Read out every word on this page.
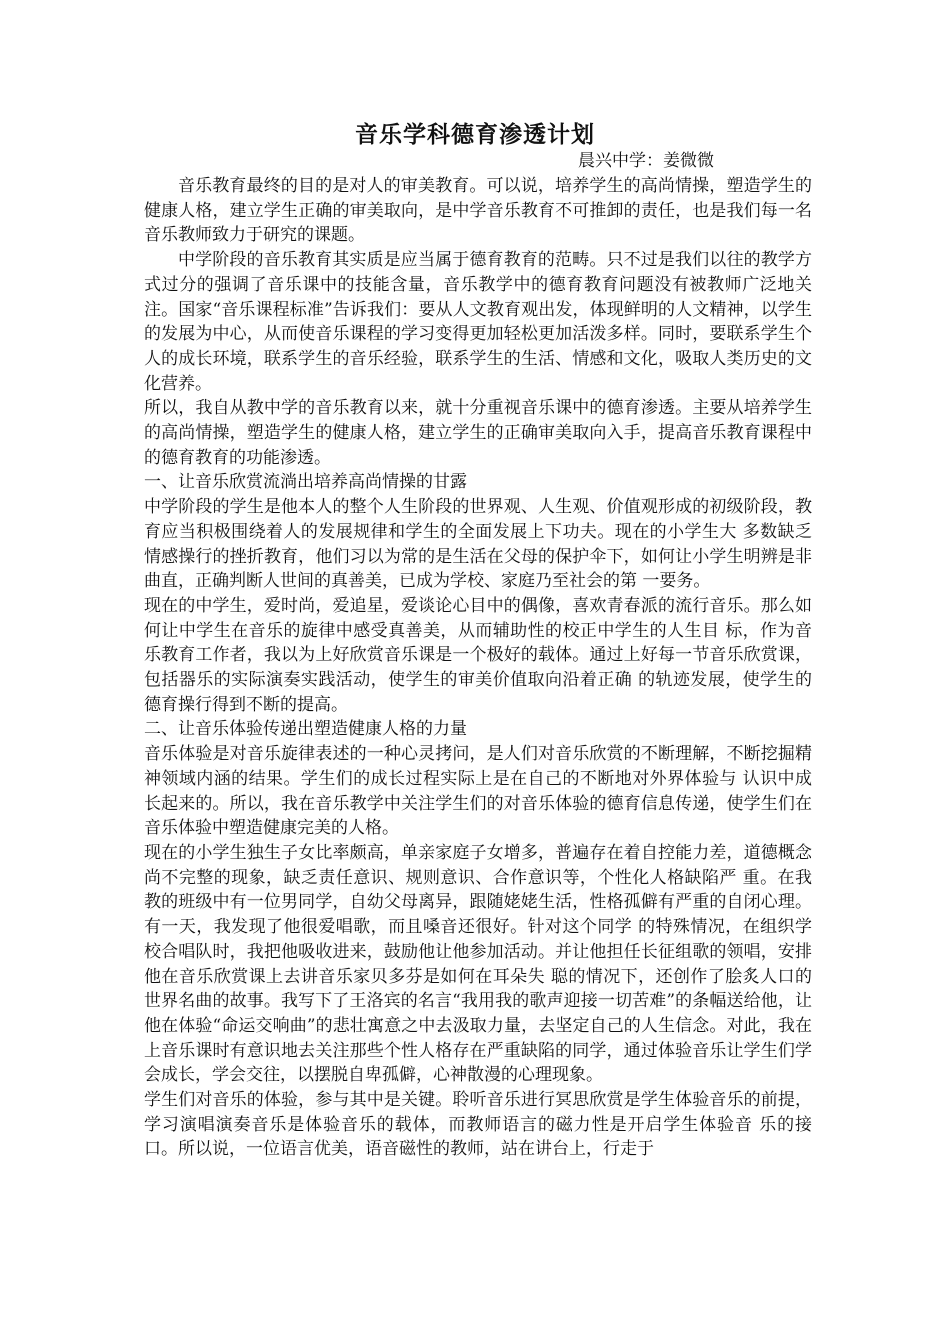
音乐学科德育渗透计划
晨兴中学：姜微微

音乐教育最终的目的是对人的审美教育。可以说，培养学生的高尚情操，塑造学生的健康人格，建立学生正确的审美取向，是中学音乐教育不可推卸的责任，也是我们每一名音乐教师致力于研究的课题。

中学阶段的音乐教育其实质是应当属于德育教育的范畴。只不过是我们以往的教学方式过分的强调了音乐课中的技能含量，音乐教学中的德育教育问题没有被教师广泛地关注。国家“音乐课程标准”告诉我们：要从人文教育观出发，体现鲜明的人文精神，以学生的发展为中心，从而使音乐课程的学习变得更加轻松更加活泼多样。同时，要联系学生个人的成长环境，联系学生的音乐经验，联系学生的生活、情感和文化，吸取人类历史的文化营养。

所以，我自从教中学的音乐教育以来，就十分重视音乐课中的德育渗透。主要从培养学生的高尚情操，塑造学生的健康人格，建立学生的正确审美取向入手，提高音乐教育课程中的德育教育的功能渗透。

一、让音乐欣赏流淌出培养高尚情操的甘露

中学阶段的学生是他本人的整个人生阶段的世界观、人生观、价值观形成的初级阶段，教育应当积极围绕着人的发展规律和学生的全面发展上下功夫。现在的小学生大 多数缺乏情感操行的挫折教育，他们习以为常的是生活在父母的保护伞下，如何让小学生明辨是非曲直，正确判断人世间的真善美，已成为学校、家庭乃至社会的第 一要务。

现在的中学生，爱时尚，爱追星，爱谈论心目中的偶像，喜欢青春派的流行音乐。那么如何让中学生在音乐的旋律中感受真善美，从而辅助性的校正中学生的人生目 标，作为音乐教育工作者，我以为上好欣赏音乐课是一个极好的载体。通过上好每一节音乐欣赏课，包括器乐的实际演奏实践活动，使学生的审美价值取向沿着正确 的轨迹发展，使学生的德育操行得到不断的提高。

二、让音乐体验传递出塑造健康人格的力量

音乐体验是对音乐旋律表述的一种心灵拷问，是人们对音乐欣赏的不断理解，不断挖掘精神领域内涵的结果。学生们的成长过程实际上是在自己的不断地对外界体验与 认识中成长起来的。所以，我在音乐教学中关注学生们的对音乐体验的德育信息传递，使学生们在音乐体验中塑造健康完美的人格。

现在的小学生独生子女比率颇高，单亲家庭子女增多，普遍存在着自控能力差，道德概念尚不完整的现象，缺乏责任意识、规则意识、合作意识等，个性化人格缺陷严 重。在我教的班级中有一位男同学，自幼父母离异，跟随姥姥生活，性格孤僻有严重的自闭心理。有一天，我发现了他很爱唱歌，而且嗓音还很好。针对这个同学 的特殊情况，在组织学校合唱队时，我把他吸收进来，鼓励他让他参加活动。并让他担任长征组歌的领唱，安排他在音乐欣赏课上去讲音乐家贝多芬是如何在耳朵失 聪的情况下，还创作了脍炙人口的世界名曲的故事。我写下了王洛宾的名言“我用我的歌声迎接一切苦难”的条幅送给他，让他在体验“命运交响曲”的悲壮寓意之中去汲取力量，去坚定自己的人生信念。对此，我在上音乐课时有意识地去关注那些个性人格存在严重缺陷的同学，通过体验音乐让学生们学会成长，学会交往，以摆脱自卑孤僻，心神散漫的心理现象。

学生们对音乐的体验，参与其中是关键。聆听音乐进行冥思欣赏是学生体验音乐的前提，学习演唱演奏音乐是体验音乐的载体，而教师语言的磁力性是开启学生体验音 乐的接口。所以说，一位语言优美，语音磁性的教师，站在讲台上，行走于
